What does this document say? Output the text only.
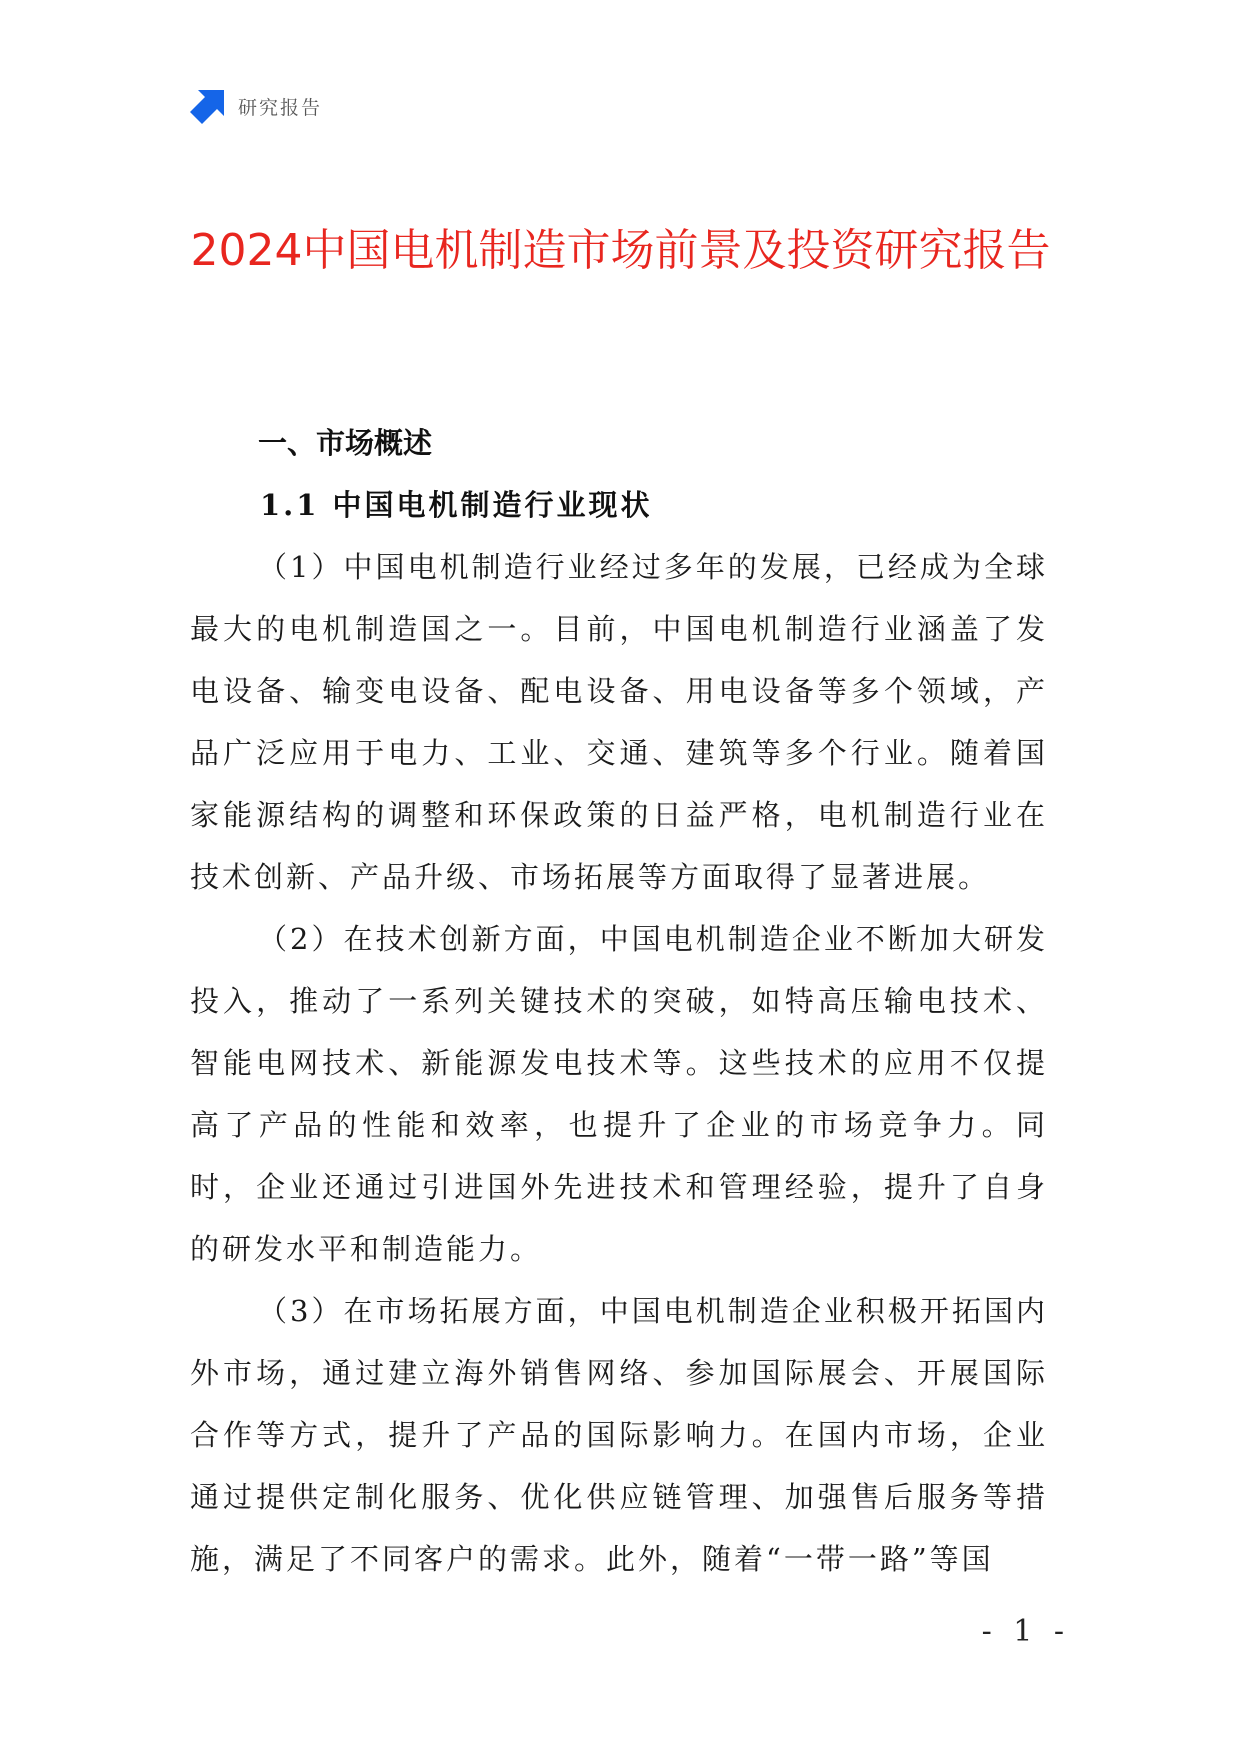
研究报告
2024中国电机制造市场前景及投资研究报告
一、市场概述
1.1 中国电机制造行业现状

（1）中国电机制造行业经过多年的发展，已经成为全球最大的电机制造国之一。目前，中国电机制造行业涵盖了发电设备、输变电设备、配电设备、用电设备等多个领域，产品广泛应用于电力、工业、交通、建筑等多个行业。随着国家能源结构的调整和环保政策的日益严格，电机制造行业在技术创新、产品升级、市场拓展等方面取得了显著进展。

（2）在技术创新方面，中国电机制造企业不断加大研发投入，推动了一系列关键技术的突破，如特高压输电技术、智能电网技术、新能源发电技术等。这些技术的应用不仅提高了产品的性能和效率，也提升了企业的市场竞争力。同时，企业还通过引进国外先进技术和管理经验，提升了自身的研发水平和制造能力。

（3）在市场拓展方面，中国电机制造企业积极开拓国内外市场，通过建立海外销售网络、参加国际展会、开展国际合作等方式，提升了产品的国际影响力。在国内市场，企业通过提供定制化服务、优化供应链管理、加强售后服务等措施，满足了不同客户的需求。此外，随着“一带一路”等国

- 1 -
